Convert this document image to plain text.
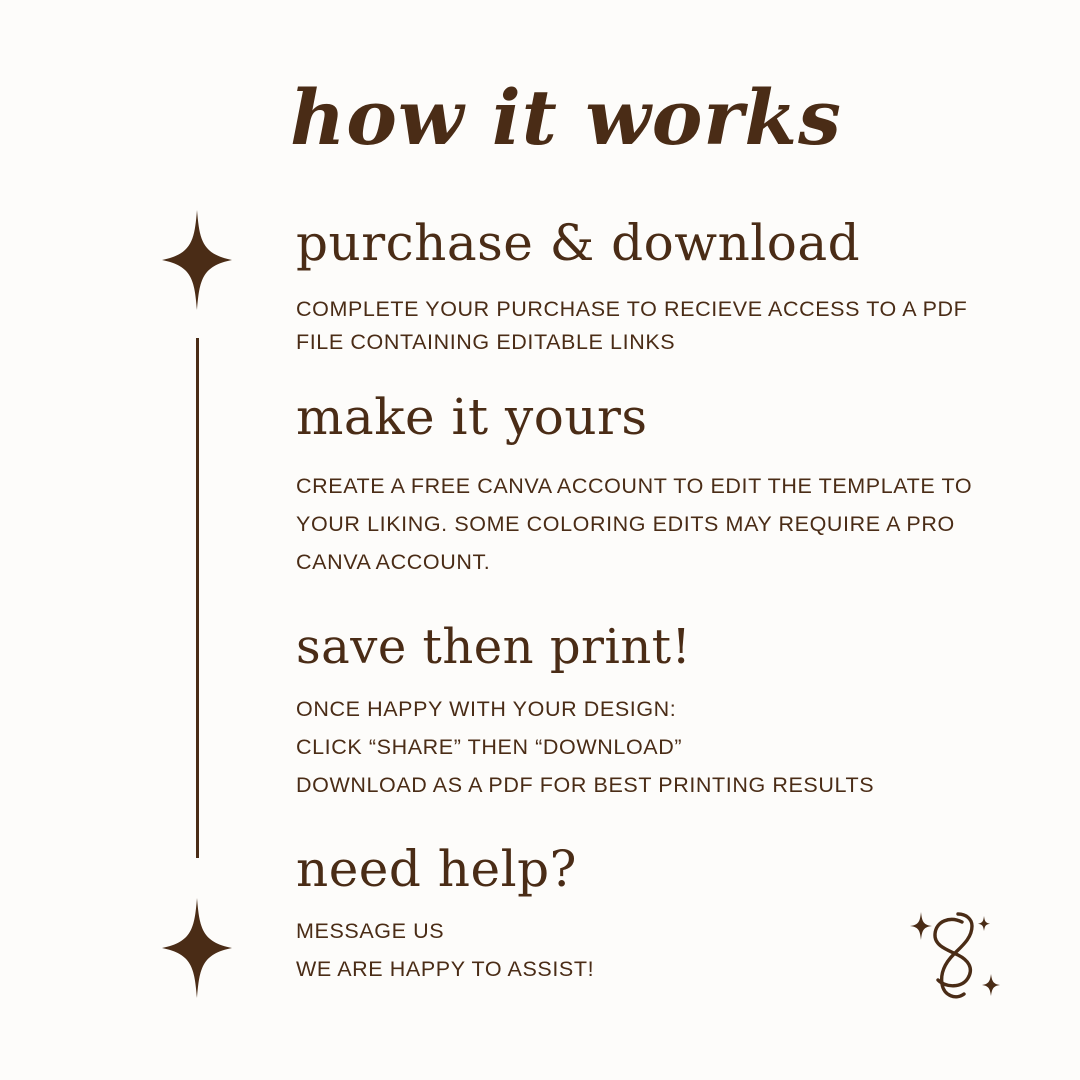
how it works
purchase & download

COMPLETE YOUR PURCHASE TO RECIEVE ACCESS TO A PDF FILE CONTAINING EDITABLE LINKS

make it yours

CREATE A FREE CANVA ACCOUNT TO EDIT THE TEMPLATE TO YOUR LIKING. SOME COLORING EDITS MAY REQUIRE A PRO CANVA ACCOUNT.

save then print!
ONCE HAPPY WITH YOUR DESIGN:
CLICK “SHARE” THEN “DOWNLOAD”
DOWNLOAD AS A PDF FOR BEST PRINTING RESULTS
need help?
MESSAGE US
WE ARE HAPPY TO ASSIST!
